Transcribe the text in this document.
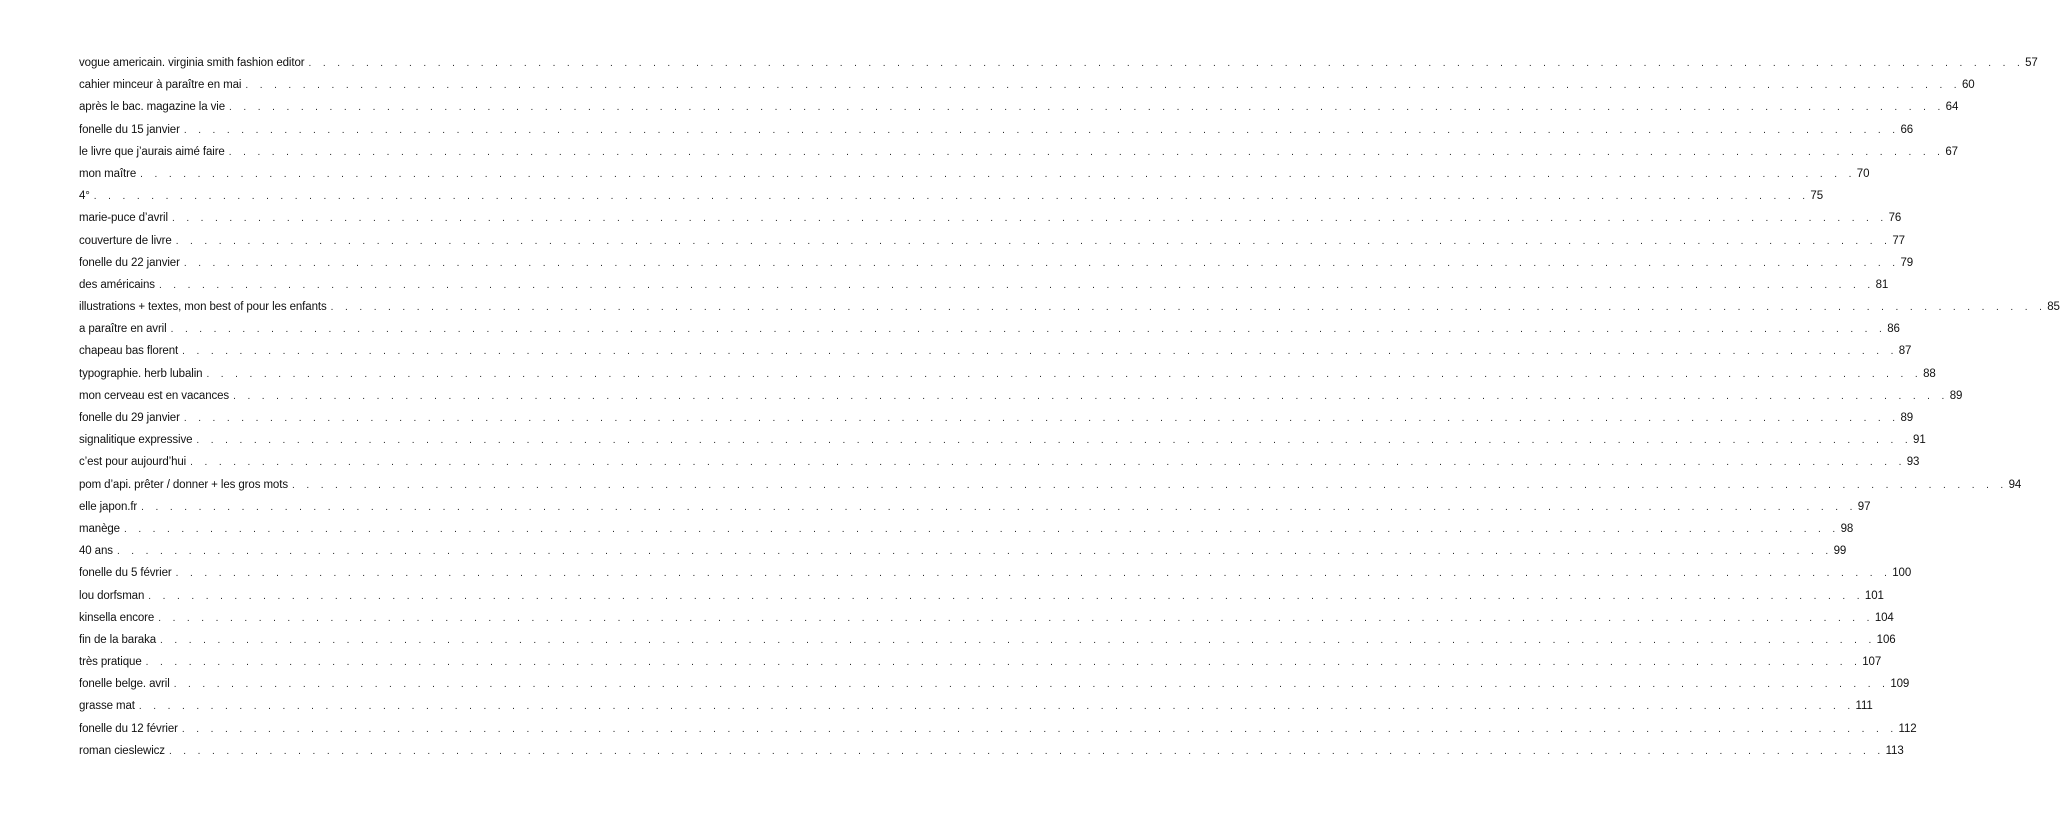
vogue americain. virginia smith fashion editor . . . . . . . . . . . . . . . . . . . . . . . . . . . . . . . . . . . . . . . . . . . . . . . . . . . . . . . . . . . . . . . . . . . . . . . . . . . . . . . . . . . . . . . . . . . . . . . . . . . . . . . . . . . . . . . . . . . . . . . . 57
cahier minceur à paraître en mai . . . . . . . . . . . . . . . . . . . . . . . . . . . . . . . . . . . . . . . . . . . . . . . . . . . . . . . . . . . . . . . . . . . . . . . . . . . . . . . . . . . . . . . . . . . . . . . . . . . . . . . . . . . . . . . . . . . . . . . . 60
après le bac. magazine la vie . . . . . . . . . . . . . . . . . . . . . . . . . . . . . . . . . . . . . . . . . . . . . . . . . . . . . . . . . . . . . . . . . . . . . . . . . . . . . . . . . . . . . . . . . . . . . . . . . . . . . . . . . . . . . . . . . . . . . . . . 64
fonelle du 15 janvier . . . . . . . . . . . . . . . . . . . . . . . . . . . . . . . . . . . . . . . . . . . . . . . . . . . . . . . . . . . . . . . . . . . . . . . . . . . . . . . . . . . . . . . . . . . . . . . . . . . . . . . . . . . . . . . . . . . . . . . . 66
le livre que j’aurais aimé faire . . . . . . . . . . . . . . . . . . . . . . . . . . . . . . . . . . . . . . . . . . . . . . . . . . . . . . . . . . . . . . . . . . . . . . . . . . . . . . . . . . . . . . . . . . . . . . . . . . . . . . . . . . . . . . . . . . . . . . . . 67
mon maître . . . . . . . . . . . . . . . . . . . . . . . . . . . . . . . . . . . . . . . . . . . . . . . . . . . . . . . . . . . . . . . . . . . . . . . . . . . . . . . . . . . . . . . . . . . . . . . . . . . . . . . . . . . . . . . . . . . . . . . . 70
4° . . . . . . . . . . . . . . . . . . . . . . . . . . . . . . . . . . . . . . . . . . . . . . . . . . . . . . . . . . . . . . . . . . . . . . . . . . . . . . . . . . . . . . . . . . . . . . . . . . . . . . . . . . . . . . . . . . . . . . . . 75
marie-puce d’avril . . . . . . . . . . . . . . . . . . . . . . . . . . . . . . . . . . . . . . . . . . . . . . . . . . . . . . . . . . . . . . . . . . . . . . . . . . . . . . . . . . . . . . . . . . . . . . . . . . . . . . . . . . . . . . . . . . . . . . . . 76
couverture de livre . . . . . . . . . . . . . . . . . . . . . . . . . . . . . . . . . . . . . . . . . . . . . . . . . . . . . . . . . . . . . . . . . . . . . . . . . . . . . . . . . . . . . . . . . . . . . . . . . . . . . . . . . . . . . . . . . . . . . . . . 77
fonelle du 22 janvier . . . . . . . . . . . . . . . . . . . . . . . . . . . . . . . . . . . . . . . . . . . . . . . . . . . . . . . . . . . . . . . . . . . . . . . . . . . . . . . . . . . . . . . . . . . . . . . . . . . . . . . . . . . . . . . . . . . . . . . . 79
des américains . . . . . . . . . . . . . . . . . . . . . . . . . . . . . . . . . . . . . . . . . . . . . . . . . . . . . . . . . . . . . . . . . . . . . . . . . . . . . . . . . . . . . . . . . . . . . . . . . . . . . . . . . . . . . . . . . . . . . . . . 81
illustrations + textes, mon best of pour les enfants . . . . . . . . . . . . . . . . . . . . . . . . . . . . . . . . . . . . . . . . . . . . . . . . . . . . . . . . . . . . . . . . . . . . . . . . . . . . . . . . . . . . . . . . . . . . . . . . . . . . . . . . . . . . . . . . . . . . . . . . 85
a paraître en avril . . . . . . . . . . . . . . . . . . . . . . . . . . . . . . . . . . . . . . . . . . . . . . . . . . . . . . . . . . . . . . . . . . . . . . . . . . . . . . . . . . . . . . . . . . . . . . . . . . . . . . . . . . . . . . . . . . . . . . . . 86
chapeau bas florent . . . . . . . . . . . . . . . . . . . . . . . . . . . . . . . . . . . . . . . . . . . . . . . . . . . . . . . . . . . . . . . . . . . . . . . . . . . . . . . . . . . . . . . . . . . . . . . . . . . . . . . . . . . . . . . . . . . . . . . . 87
typographie. herb lubalin . . . . . . . . . . . . . . . . . . . . . . . . . . . . . . . . . . . . . . . . . . . . . . . . . . . . . . . . . . . . . . . . . . . . . . . . . . . . . . . . . . . . . . . . . . . . . . . . . . . . . . . . . . . . . . . . . . . . . . . . 88
mon cerveau est en vacances . . . . . . . . . . . . . . . . . . . . . . . . . . . . . . . . . . . . . . . . . . . . . . . . . . . . . . . . . . . . . . . . . . . . . . . . . . . . . . . . . . . . . . . . . . . . . . . . . . . . . . . . . . . . . . . . . . . . . . . . 89
fonelle du 29 janvier . . . . . . . . . . . . . . . . . . . . . . . . . . . . . . . . . . . . . . . . . . . . . . . . . . . . . . . . . . . . . . . . . . . . . . . . . . . . . . . . . . . . . . . . . . . . . . . . . . . . . . . . . . . . . . . . . . . . . . . . 89
signalitique expressive . . . . . . . . . . . . . . . . . . . . . . . . . . . . . . . . . . . . . . . . . . . . . . . . . . . . . . . . . . . . . . . . . . . . . . . . . . . . . . . . . . . . . . . . . . . . . . . . . . . . . . . . . . . . . . . . . . . . . . . . 91
c’est pour aujourd’hui . . . . . . . . . . . . . . . . . . . . . . . . . . . . . . . . . . . . . . . . . . . . . . . . . . . . . . . . . . . . . . . . . . . . . . . . . . . . . . . . . . . . . . . . . . . . . . . . . . . . . . . . . . . . . . . . . . . . . . . . 93
pom d’api. prêter / donner + les gros mots . . . . . . . . . . . . . . . . . . . . . . . . . . . . . . . . . . . . . . . . . . . . . . . . . . . . . . . . . . . . . . . . . . . . . . . . . . . . . . . . . . . . . . . . . . . . . . . . . . . . . . . . . . . . . . . . . . . . . . . . 94
elle japon.fr . . . . . . . . . . . . . . . . . . . . . . . . . . . . . . . . . . . . . . . . . . . . . . . . . . . . . . . . . . . . . . . . . . . . . . . . . . . . . . . . . . . . . . . . . . . . . . . . . . . . . . . . . . . . . . . . . . . . . . . . 97
manège . . . . . . . . . . . . . . . . . . . . . . . . . . . . . . . . . . . . . . . . . . . . . . . . . . . . . . . . . . . . . . . . . . . . . . . . . . . . . . . . . . . . . . . . . . . . . . . . . . . . . . . . . . . . . . . . . . . . . . . . 98
40 ans . . . . . . . . . . . . . . . . . . . . . . . . . . . . . . . . . . . . . . . . . . . . . . . . . . . . . . . . . . . . . . . . . . . . . . . . . . . . . . . . . . . . . . . . . . . . . . . . . . . . . . . . . . . . . . . . . . . . . . . . 99
fonelle du 5 février . . . . . . . . . . . . . . . . . . . . . . . . . . . . . . . . . . . . . . . . . . . . . . . . . . . . . . . . . . . . . . . . . . . . . . . . . . . . . . . . . . . . . . . . . . . . . . . . . . . . . . . . . . . . . . . . . . . . . . . . 100
lou dorfsman . . . . . . . . . . . . . . . . . . . . . . . . . . . . . . . . . . . . . . . . . . . . . . . . . . . . . . . . . . . . . . . . . . . . . . . . . . . . . . . . . . . . . . . . . . . . . . . . . . . . . . . . . . . . . . . . . . . . . . . . 101
kinsella encore . . . . . . . . . . . . . . . . . . . . . . . . . . . . . . . . . . . . . . . . . . . . . . . . . . . . . . . . . . . . . . . . . . . . . . . . . . . . . . . . . . . . . . . . . . . . . . . . . . . . . . . . . . . . . . . . . . . . . . . . 104
fin de la baraka . . . . . . . . . . . . . . . . . . . . . . . . . . . . . . . . . . . . . . . . . . . . . . . . . . . . . . . . . . . . . . . . . . . . . . . . . . . . . . . . . . . . . . . . . . . . . . . . . . . . . . . . . . . . . . . . . . . . . . . . 106
très pratique . . . . . . . . . . . . . . . . . . . . . . . . . . . . . . . . . . . . . . . . . . . . . . . . . . . . . . . . . . . . . . . . . . . . . . . . . . . . . . . . . . . . . . . . . . . . . . . . . . . . . . . . . . . . . . . . . . . . . . . . 107
fonelle belge. avril . . . . . . . . . . . . . . . . . . . . . . . . . . . . . . . . . . . . . . . . . . . . . . . . . . . . . . . . . . . . . . . . . . . . . . . . . . . . . . . . . . . . . . . . . . . . . . . . . . . . . . . . . . . . . . . . . . . . . . . . 109
grasse mat . . . . . . . . . . . . . . . . . . . . . . . . . . . . . . . . . . . . . . . . . . . . . . . . . . . . . . . . . . . . . . . . . . . . . . . . . . . . . . . . . . . . . . . . . . . . . . . . . . . . . . . . . . . . . . . . . . . . . . . . 111
fonelle du 12 février . . . . . . . . . . . . . . . . . . . . . . . . . . . . . . . . . . . . . . . . . . . . . . . . . . . . . . . . . . . . . . . . . . . . . . . . . . . . . . . . . . . . . . . . . . . . . . . . . . . . . . . . . . . . . . . . . . . . . . . . 112
roman cieslewicz . . . . . . . . . . . . . . . . . . . . . . . . . . . . . . . . . . . . . . . . . . . . . . . . . . . . . . . . . . . . . . . . . . . . . . . . . . . . . . . . . . . . . . . . . . . . . . . . . . . . . . . . . . . . . . . . . . . . . . . . 113
